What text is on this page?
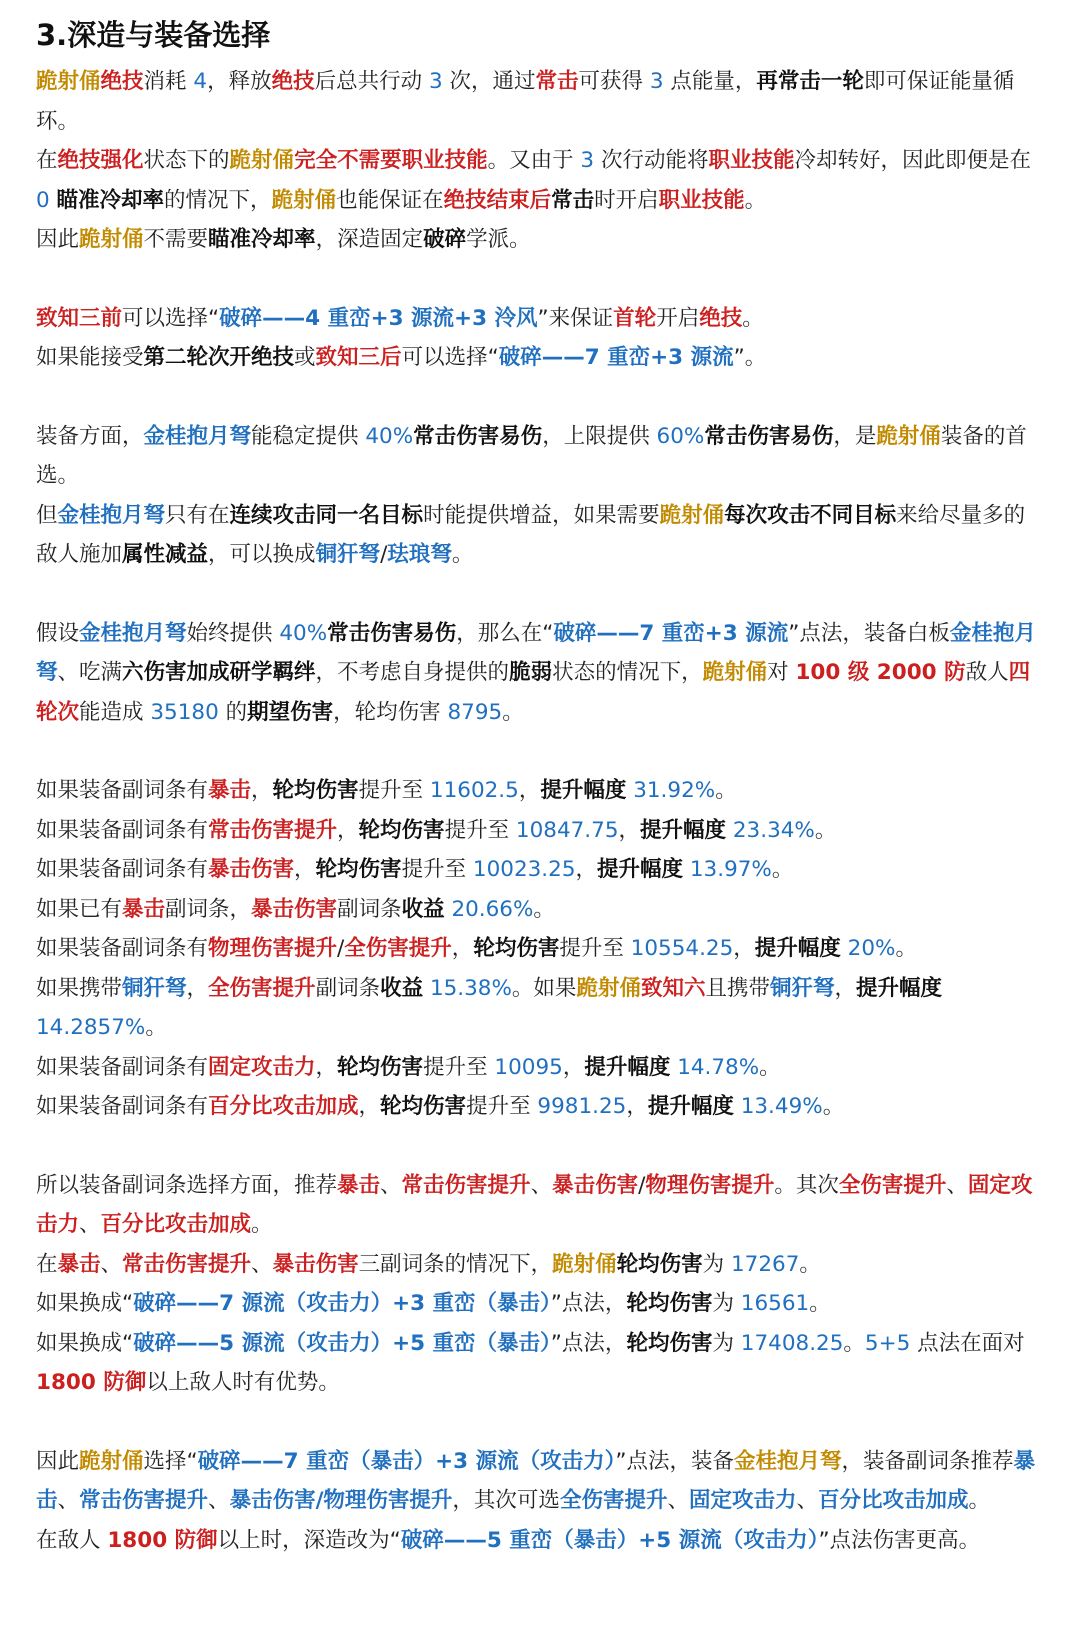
3.深造与装备选择

跪射俑绝技消耗 4，释放绝技后总共行动 3 次，通过常击可获得 3 点能量，再常击一轮即可保证能量循环。

在绝技强化状态下的跪射俑完全不需要职业技能。又由于 3 次行动能将职业技能冷却转好，因此即便是在 0 瞄准冷却率的情况下，跪射俑也能保证在绝技结束后常击时开启职业技能。

因此跪射俑不需要瞄准冷却率，深造固定破碎学派。

致知三前可以选择“破碎——4 重峦+3 源流+3 泠风”来保证首轮开启绝技。

如果能接受第二轮次开绝技或致知三后可以选择“破碎——7 重峦+3 源流”。

装备方面，金桂抱月弩能稳定提供 40%常击伤害易伤，上限提供 60%常击伤害易伤，是跪射俑装备的首选。

但金桂抱月弩只有在连续攻击同一名目标时能提供增益，如果需要跪射俑每次攻击不同目标来给尽量多的敌人施加属性减益，可以换成铜犴弩/珐琅弩。

假设金桂抱月弩始终提供 40%常击伤害易伤，那么在“破碎——7 重峦+3 源流”点法，装备白板金桂抱月弩、吃满六伤害加成研学羁绊，不考虑自身提供的脆弱状态的情况下，跪射俑对 100 级 2000 防敌人四轮次能造成 35180 的期望伤害，轮均伤害 8795。

如果装备副词条有暴击，轮均伤害提升至 11602.5，提升幅度 31.92%。

如果装备副词条有常击伤害提升，轮均伤害提升至 10847.75，提升幅度 23.34%。

如果装备副词条有暴击伤害，轮均伤害提升至 10023.25，提升幅度 13.97%。

如果已有暴击副词条，暴击伤害副词条收益 20.66%。

如果装备副词条有物理伤害提升/全伤害提升，轮均伤害提升至 10554.25，提升幅度 20%。

如果携带铜犴弩，全伤害提升副词条收益 15.38%。如果跪射俑致知六且携带铜犴弩，提升幅度 14.2857%。

如果装备副词条有固定攻击力，轮均伤害提升至 10095，提升幅度 14.78%。

如果装备副词条有百分比攻击加成，轮均伤害提升至 9981.25，提升幅度 13.49%。

所以装备副词条选择方面，推荐暴击、常击伤害提升、暴击伤害/物理伤害提升。其次全伤害提升、固定攻击力、百分比攻击加成。

在暴击、常击伤害提升、暴击伤害三副词条的情况下，跪射俑轮均伤害为 17267。

如果换成“破碎——7 源流（攻击力）+3 重峦（暴击）”点法，轮均伤害为 16561。

如果换成“破碎——5 源流（攻击力）+5 重峦（暴击）”点法，轮均伤害为 17408.25。5+5 点法在面对 1800 防御以上敌人时有优势。

因此跪射俑选择“破碎——7 重峦（暴击）+3 源流（攻击力）”点法，装备金桂抱月弩，装备副词条推荐暴击、常击伤害提升、暴击伤害/物理伤害提升，其次可选全伤害提升、固定攻击力、百分比攻击加成。

在敌人 1800 防御以上时，深造改为“破碎——5 重峦（暴击）+5 源流（攻击力）”点法伤害更高。
